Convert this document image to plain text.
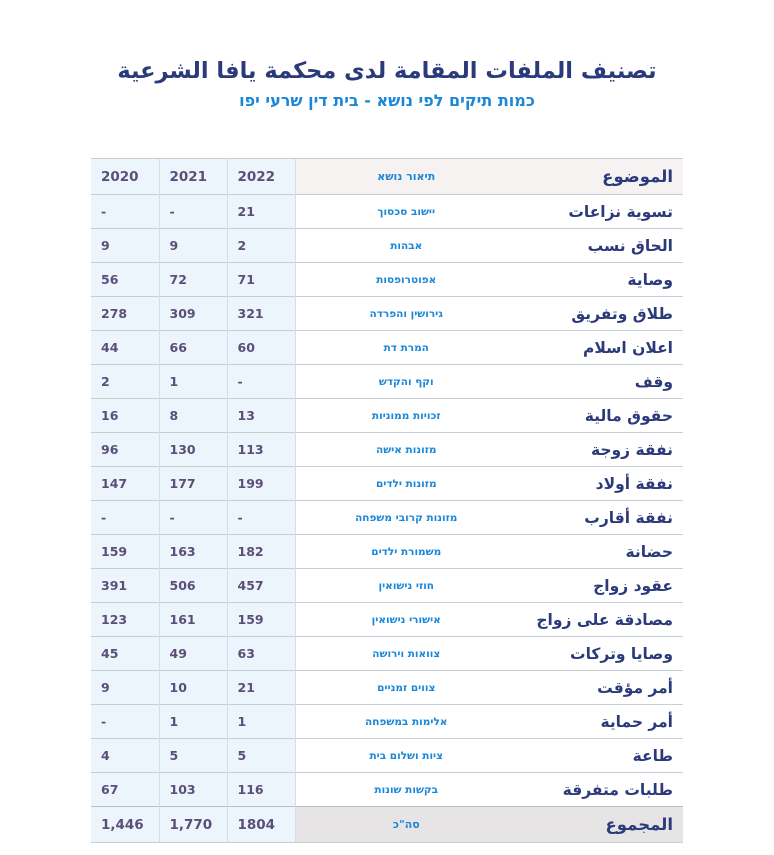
تصنيف الملفات المقامة لدى محكمة يافا الشرعية
כמות תיקים לפי נושא - בית דין שרעי יפו
الموضوع	תיאור נושא	2022	2021	2020
تسوية نزاعات	יישוב סכסוך	21	-	-
الحاق نسب	אבהות	2	9	9
وصاية	אפוטרופסות	71	72	56
طلاق وتفريق	גירושין והפרדה	321	309	278
اعلان اسلام	המרת דת	60	66	44
وقف	וקף והקדש	-	1	2
حقوق مالية	זכויות ממוניות	13	8	16
نفقة زوجة	מזונות אישה	113	130	96
نفقة أولاد	מזונות ילדים	199	177	147
نفقة أقارب	מזונות קרובי משפחה	-	-	-
حضانة	משמורת ילדים	182	163	159
عقود زواج	חוזי נישואין	457	506	391
مصادقة على زواج	אישורי נישואין	159	161	123
وصايا وتركات	צוואות וירושה	63	49	45
أمر مؤقت	צווים זמניים	21	10	9
أمر حماية	אלימות במשפחה	1	1	-
طاعة	ציות ושלום בית	5	5	4
طلبات متفرقة	בקשות שונות	116	103	67
المجموع	סה"כ	1804	1,770	1,446
